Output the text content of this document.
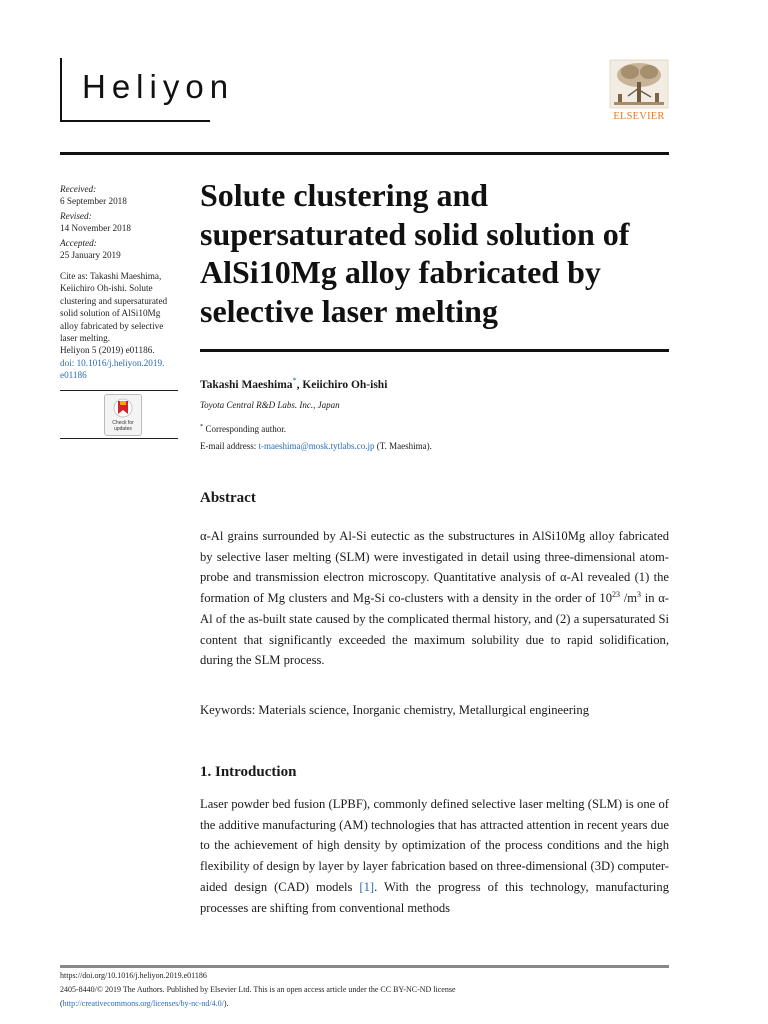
Heliyon
ELSEVIER
Received:
6 September 2018
Revised:
14 November 2018
Accepted:
25 January 2019
Cite as: Takashi Maeshima,
Keiichiro Oh-ishi. Solute
clustering and supersaturated
solid solution of AlSi10Mg
alloy fabricated by selective
laser melting.
Heliyon 5 (2019) e01186.
doi: 10.1016/j.heliyon.2019.
e01186
Check for
updates
Solute clustering and
supersaturated solid solution of
AlSi10Mg alloy fabricated by
selective laser melting
Takashi Maeshima*, Keiichiro Oh-ishi
Toyota Central R&D Labs. Inc., Japan
* Corresponding author.
E-mail address: t-maeshima@mosk.tytlabs.co.jp (T. Maeshima).
Abstract
α-Al grains surrounded by Al-Si eutectic as the substructures in AlSi10Mg alloy fabricated by selective laser melting (SLM) were investigated in detail using three-dimensional atom-probe and transmission electron microscopy. Quantitative analysis of α-Al revealed (1) the formation of Mg clusters and Mg-Si co-clusters with a density in the order of $10^{23}$ $/m^3$ in α-Al of the as-built state caused by the complicated thermal history, and (2) a supersaturated Si content that significantly exceeded the maximum solubility due to rapid solidification, during the SLM process.
Keywords: Materials science, Inorganic chemistry, Metallurgical engineering
1. Introduction
Laser powder bed fusion (LPBF), commonly defined selective laser melting (SLM) is one of the additive manufacturing (AM) technologies that has attracted attention in recent years due to the achievement of high density by optimization of the process conditions and the high flexibility of design by layer by layer fabrication based on three-dimensional (3D) computer-aided design (CAD) models [1]. With the progress of this technology, manufacturing processes are shifting from conventional methods
https://doi.org/10.1016/j.heliyon.2019.e01186
2405-8440/© 2019 The Authors. Published by Elsevier Ltd. This is an open access article under the CC BY-NC-ND license
(http://creativecommons.org/licenses/by-nc-nd/4.0/).
